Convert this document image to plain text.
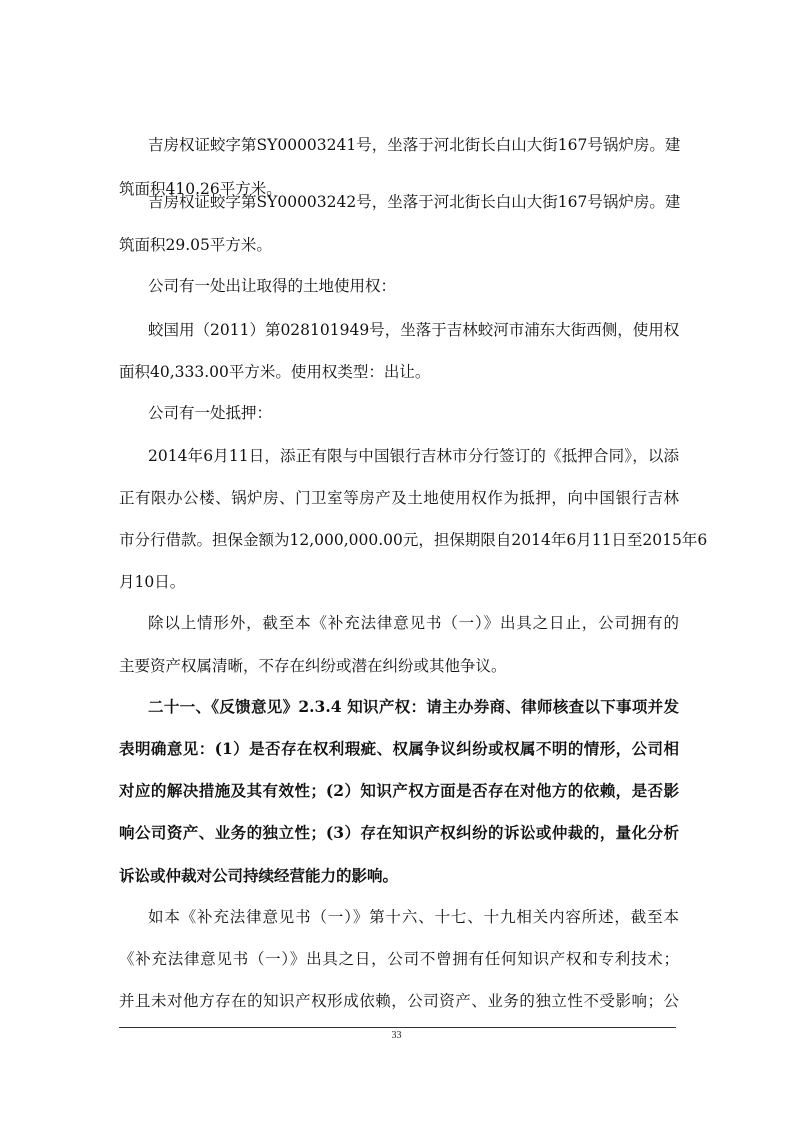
吉房权证蛟字第SY00003241号，坐落于河北街长白山大街167号锅炉房。建
筑面积410.26平方米。
吉房权证蛟字第SY00003242号，坐落于河北街长白山大街167号锅炉房。建
筑面积29.05平方米。
公司有一处出让取得的土地使用权：
蛟国用（2011）第028101949号，坐落于吉林蛟河市浦东大街西侧，使用权
面积40,333.00平方米。使用权类型：出让。
公司有一处抵押：
2014年6月11日，添正有限与中国银行吉林市分行签订的《抵押合同》，以添
正有限办公楼、锅炉房、门卫室等房产及土地使用权作为抵押，向中国银行吉林
市分行借款。担保金额为12,000,000.00元，担保期限自2014年6月11日至2015年6
月10日。
除以上情形外，截至本《补充法律意见书（一）》出具之日止，公司拥有的
主要资产权属清晰，不存在纠纷或潜在纠纷或其他争议。
二十一、《反馈意见》2.3.4 知识产权：请主办券商、律师核查以下事项并发
表明确意见：(1）是否存在权利瑕疵、权属争议纠纷或权属不明的情形，公司相
对应的解决措施及其有效性；(2）知识产权方面是否存在对他方的依赖，是否影
响公司资产、业务的独立性；(3）存在知识产权纠纷的诉讼或仲裁的，量化分析
诉讼或仲裁对公司持续经营能力的影响。
如本《补充法律意见书（一）》第十六、十七、十九相关内容所述，截至本
《补充法律意见书（一）》出具之日，公司不曾拥有任何知识产权和专利技术；
并且未对他方存在的知识产权形成依赖，公司资产、业务的独立性不受影响；公
33
